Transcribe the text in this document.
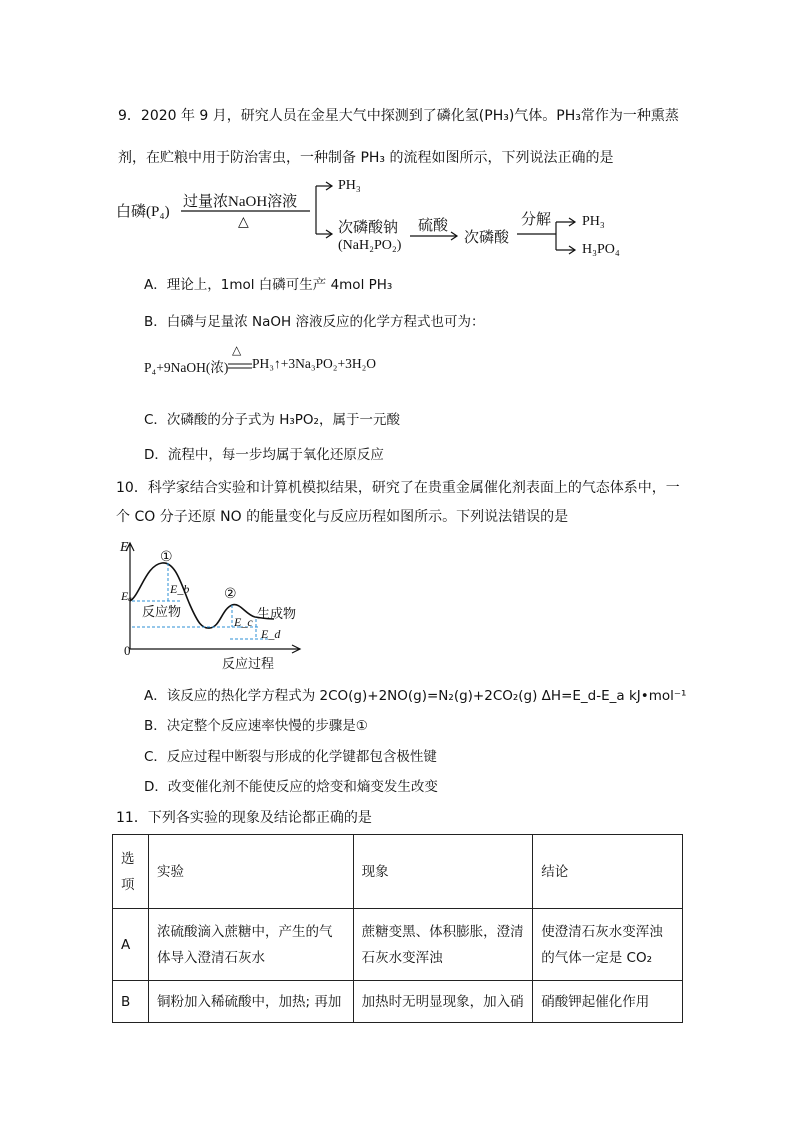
9．2020 年 9 月，研究人员在金星大气中探测到了磷化氢(PH₃)气体。PH₃常作为一种熏蒸
剂，在贮粮中用于防治害虫，一种制备 PH₃ 的流程如图所示，下列说法正确的是
白磷(P₄)
过量浓NaOH溶液
△
PH₃
次磷酸钠
(NaH₂PO₂)
硫酸
次磷酸
分解 PH₃
H₃PO₄
A．理论上，1mol 白磷可生产 4mol PH₃
B．白磷与足量浓 NaOH 溶液反应的化学方程式也可为：
P₄+9NaOH(浓)
△
PH₃↑+3Na₃PO₂+3H₂O
C．次磷酸的分子式为 H₃PO₂，属于一元酸
D．流程中，每一步均属于氧化还原反应
10．科学家结合实验和计算机模拟结果，研究了在贵重金属催化剂表面上的气态体系中，一
个 CO 分子还原 NO 的能量变化与反应历程如图所示。下列说法错误的是
E
0
反应过程
①
②
Eₐ	E_b
E_c
E_d
反应物	生成物
A．该反应的热化学方程式为 2CO(g)+2NO(g)=N₂(g)+2CO₂(g) ΔH=E_d-E_a kJ•mol⁻¹
B．决定整个反应速率快慢的步骤是①
C．反应过程中断裂与形成的化学键都包含极性键
D．改变催化剂不能使反应的焓变和熵变发生改变
11．下列各实验的现象及结论都正确的是
选项	实验	现象	结论
A	浓硫酸滴入蔗糖中，产生的气体导入澄清石灰水	蔗糖变黑、体积膨胀，澄清石灰水变浑浊	使澄清石灰水变浑浊的气体一定是 CO₂
B	铜粉加入稀硫酸中，加热; 再加	加热时无明显现象，加入硝	硝酸钾起催化作用
